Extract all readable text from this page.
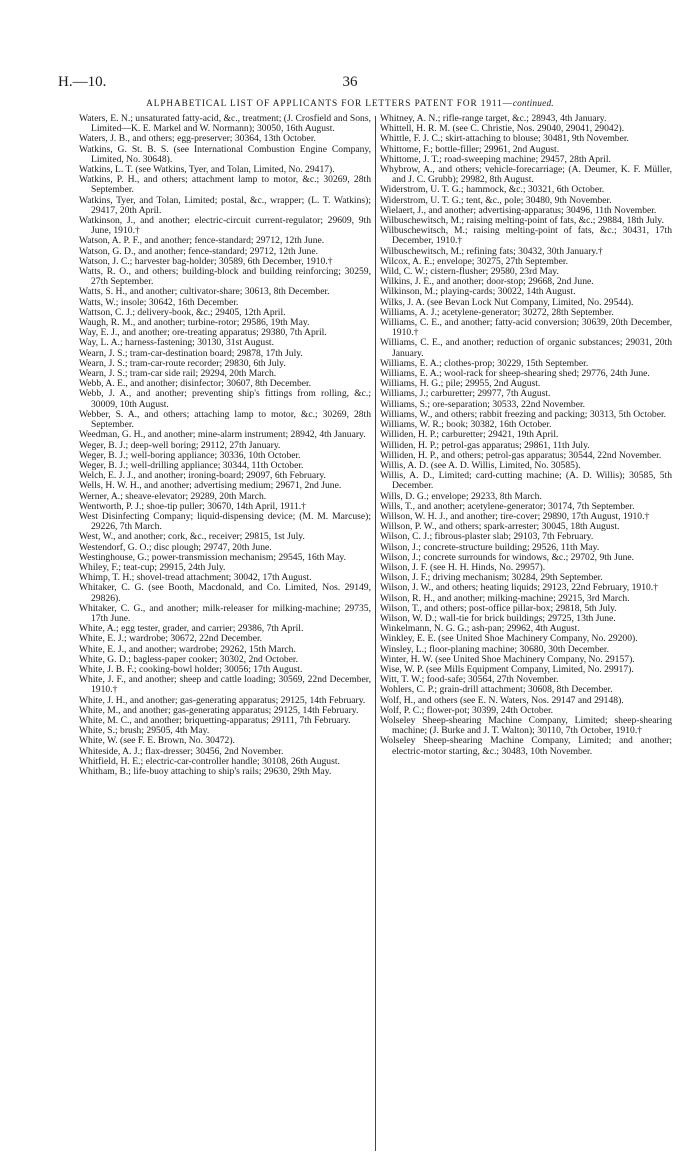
H.—10.	36
ALPHABETICAL LIST OF APPLICANTS FOR LETTERS PATENT FOR 1911—continued.

Waters, E. N.; unsaturated fatty-acid, &c., treatment; (J. Crosfield and Sons, Limited—K. E. Markel and W. Normann); 30050, 16th August.

Waters, J. B., and others; egg-preserver; 30364, 13th October.

Watkins, G. St. B. S. (see International Combustion Engine Company, Limited, No. 30648).

Watkins, L. T. (see Watkins, Tyer, and Tolan, Limited, No. 29417).

Watkins, P. H., and others; attachment lamp to motor, &c.; 30269, 28th September.

Watkins, Tyer, and Tolan, Limited; postal, &c., wrapper; (L. T. Watkins); 29417, 20th April.

Watkinson, J., and another; electric-circuit current-regulator; 29609, 9th June, 1910.†

Watson, A. P. F., and another; fence-standard; 29712, 12th June.

Watson, G. D., and another; fence-standard; 29712, 12th June.

Watson, J. C.; harvester bag-holder; 30589, 6th December, 1910.†

Watts, R. O., and others; building-block and building reinforcing; 30259, 27th September.

Watts, S. H., and another; cultivator-share; 30613, 8th December.

Watts, W.; insole; 30642, 16th December.

Wattson, C. J.; delivery-book, &c.; 29405, 12th April.

Waugh, R. M., and another; turbine-rotor; 29586, 19th May.

Way, E. J., and another; ore-treating apparatus; 29380, 7th April.

Way, L. A.; harness-fastening; 30130, 31st August.

Wearn, J. S.; tram-car-destination board; 29878, 17th July.

Wearn, J. S.; tram-car-route recorder; 29830, 6th July.

Wearn, J. S.; tram-car side rail; 29294, 20th March.

Webb, A. E., and another; disinfector; 30607, 8th December.

Webb, J. A., and another; preventing ship's fittings from rolling, &c.; 30009, 10th August.

Webber, S. A., and others; attaching lamp to motor, &c.; 30269, 28th September.

Weedman, G. H., and another; mine-alarm instrument; 28942, 4th January.

Weger, B. J.; deep-well boring; 29112, 27th January.

Weger, B. J.; well-boring appliance; 30336, 10th October.

Weger, B. J.; well-drilling appliance; 30344, 11th October.

Welch, E. J. J., and another; ironing-board; 29097, 6th February.

Wells, H. W. H., and another; advertising medium; 29671, 2nd June.

Werner, A.; sheave-elevator; 29289, 20th March.

Wentworth, P. J.; shoe-tip puller; 30670, 14th April, 1911.†

West Disinfecting Company; liquid-dispensing device; (M. M. Marcuse); 29226, 7th March.

West, W., and another; cork, &c., receiver; 29815, 1st July.

Westendorf, G. O.; disc plough; 29747, 20th June.

Westinghouse, G.; power-transmission mechanism; 29545, 16th May.

Whiley, F.; teat-cup; 29915, 24th July.

Whimp, T. H.; shovel-tread attachment; 30042, 17th August.

Whitaker, C. G. (see Booth, Macdonald, and Co. Limited, Nos. 29149, 29826).

Whitaker, C. G., and another; milk-releaser for milking-machine; 29735, 17th June.

White, A.; egg tester, grader, and carrier; 29386, 7th April.

White, E. J.; wardrobe; 30672, 22nd December.

White, E. J., and another; wardrobe; 29262, 15th March.

White, G. D.; bagless-paper cooker; 30302, 2nd October.

White, J. B. F.; cooking-bowl holder; 30056; 17th August.

White, J. F., and another; sheep and cattle loading; 30569, 22nd December, 1910.†

White, J. H., and another; gas-generating apparatus; 29125, 14th February.

White, M., and another; gas-generating apparatus; 29125, 14th February.

White, M. C., and another; briquetting-apparatus; 29111, 7th February.

White, S.; brush; 29505, 4th May.

White, W. (see F. E. Brown, No. 30472).

Whiteside, A. J.; flax-dresser; 30456, 2nd November.

Whitfield, H. E.; electric-car-controller handle; 30108, 26th August.

Whitham, B.; life-buoy attaching to ship's rails; 29630, 29th May.

Whitney, A. N.; rifle-range target, &c.; 28943, 4th January.

Whittell, H. R. M. (see C. Christie, Nos. 29040, 29041, 29042).

Whittle, F. J. C.; skirt-attaching to blouse; 30481, 9th November.

Whittome, F.; bottle-filler; 29961, 2nd August.

Whittome, J. T.; road-sweeping machine; 29457, 28th April.

Whybrow, A., and others; vehicle-forecarriage; (A. Deumer, K. F. Müller, and J. C. Grubb); 29982, 8th August.

Widerstrom, U. T. G.; hammock, &c.; 30321, 6th October.

Widerstrom, U. T. G.; tent, &c., pole; 30480, 9th November.

Wielaert, J., and another; advertising-apparatus; 30496, 11th November.

Wilbuschewitsch, M.; raising melting-point of fats, &c.; 29884, 18th July.

Wilbuschewitsch, M.; raising melting-point of fats, &c.; 30431, 17th December, 1910.†

Wilbuschewitsch, M.; refining fats; 30432, 30th January.†

Wilcox, A. E.; envelope; 30275, 27th September.

Wild, C. W.; cistern-flusher; 29580, 23rd May.

Wilkins, J. E., and another; door-stop; 29668, 2nd June.

Wilkinson, M.; playing-cards; 30022, 14th August.

Wilks, J. A. (see Bevan Lock Nut Company, Limited, No. 29544).

Williams, A. J.; acetylene-generator; 30272, 28th September.

Williams, C. E., and another; fatty-acid conversion; 30639, 20th December, 1910.†

Williams, C. E., and another; reduction of organic substances; 29031, 20th January.

Williams, E. A.; clothes-prop; 30229, 15th September.

Williams, E. A.; wool-rack for sheep-shearing shed; 29776, 24th June.

Williams, H. G.; pile; 29955, 2nd August.

Williams, J.; carburetter; 29977, 7th August.

Williams, S.; ore-separation; 30533, 22nd November.

Williams, W., and others; rabbit freezing and packing; 30313, 5th October.

Williams, W. R.; book; 30382, 16th October.

Williden, H. P.; carburetter; 29421, 19th April.

Williden, H. P.; petrol-gas apparatus; 29861, 11th July.

Williden, H. P., and others; petrol-gas apparatus; 30544, 22nd November.

Willis, A. D. (see A. D. Willis, Limited, No. 30585).

Willis, A. D., Limited; card-cutting machine; (A. D. Willis); 30585, 5th December.

Wills, D. G.; envelope; 29233, 8th March.

Wills, T., and another; acetylene-generator; 30174, 7th September.

Willson, W. H. J., and another; tire-cover; 29890, 17th August, 1910.†

Willson, P. W., and others; spark-arrester; 30045, 18th August.

Wilson, C. J.; fibrous-plaster slab; 29103, 7th February.

Wilson, J.; concrete-structure building; 29526, 11th May.

Wilson, J.; concrete surrounds for windows, &c.; 29702, 9th June.

Wilson, J. F. (see H. H. Hinds, No. 29957).

Wilson, J. F.; driving mechanism; 30284, 29th September.

Wilson, J. W., and others; heating liquids; 29123, 22nd February, 1910.†

Wilson, R. H., and another; milking-machine; 29215, 3rd March.

Wilson, T., and others; post-office pillar-box; 29818, 5th July.

Wilson, W. D.; wall-tie for brick buildings; 29725, 13th June.

Winkelmann, N. G. G.; ash-pan; 29962, 4th August.

Winkley, E. E. (see United Shoe Machinery Company, No. 29200).

Winsley, L.; floor-planing machine; 30680, 30th December.

Winter, H. W. (see United Shoe Machinery Company, No. 29157).

Wise, W. P. (see Mills Equipment Company, Limited, No. 29917).

Witt, T. W.; food-safe; 30564, 27th November.

Wohlers, C. P.; grain-drill attachment; 30608, 8th December.

Wolf, H., and others (see E. N. Waters, Nos. 29147 and 29148).

Wolf, P. C.; flower-pot; 30399, 24th October.

Wolseley Sheep-shearing Machine Company, Limited; sheep-shearing machine; (J. Burke and J. T. Walton); 30110, 7th October, 1910.†

Wolseley Sheep-shearing Machine Company, Limited; and another; electric-motor starting, &c.; 30483, 10th November.
